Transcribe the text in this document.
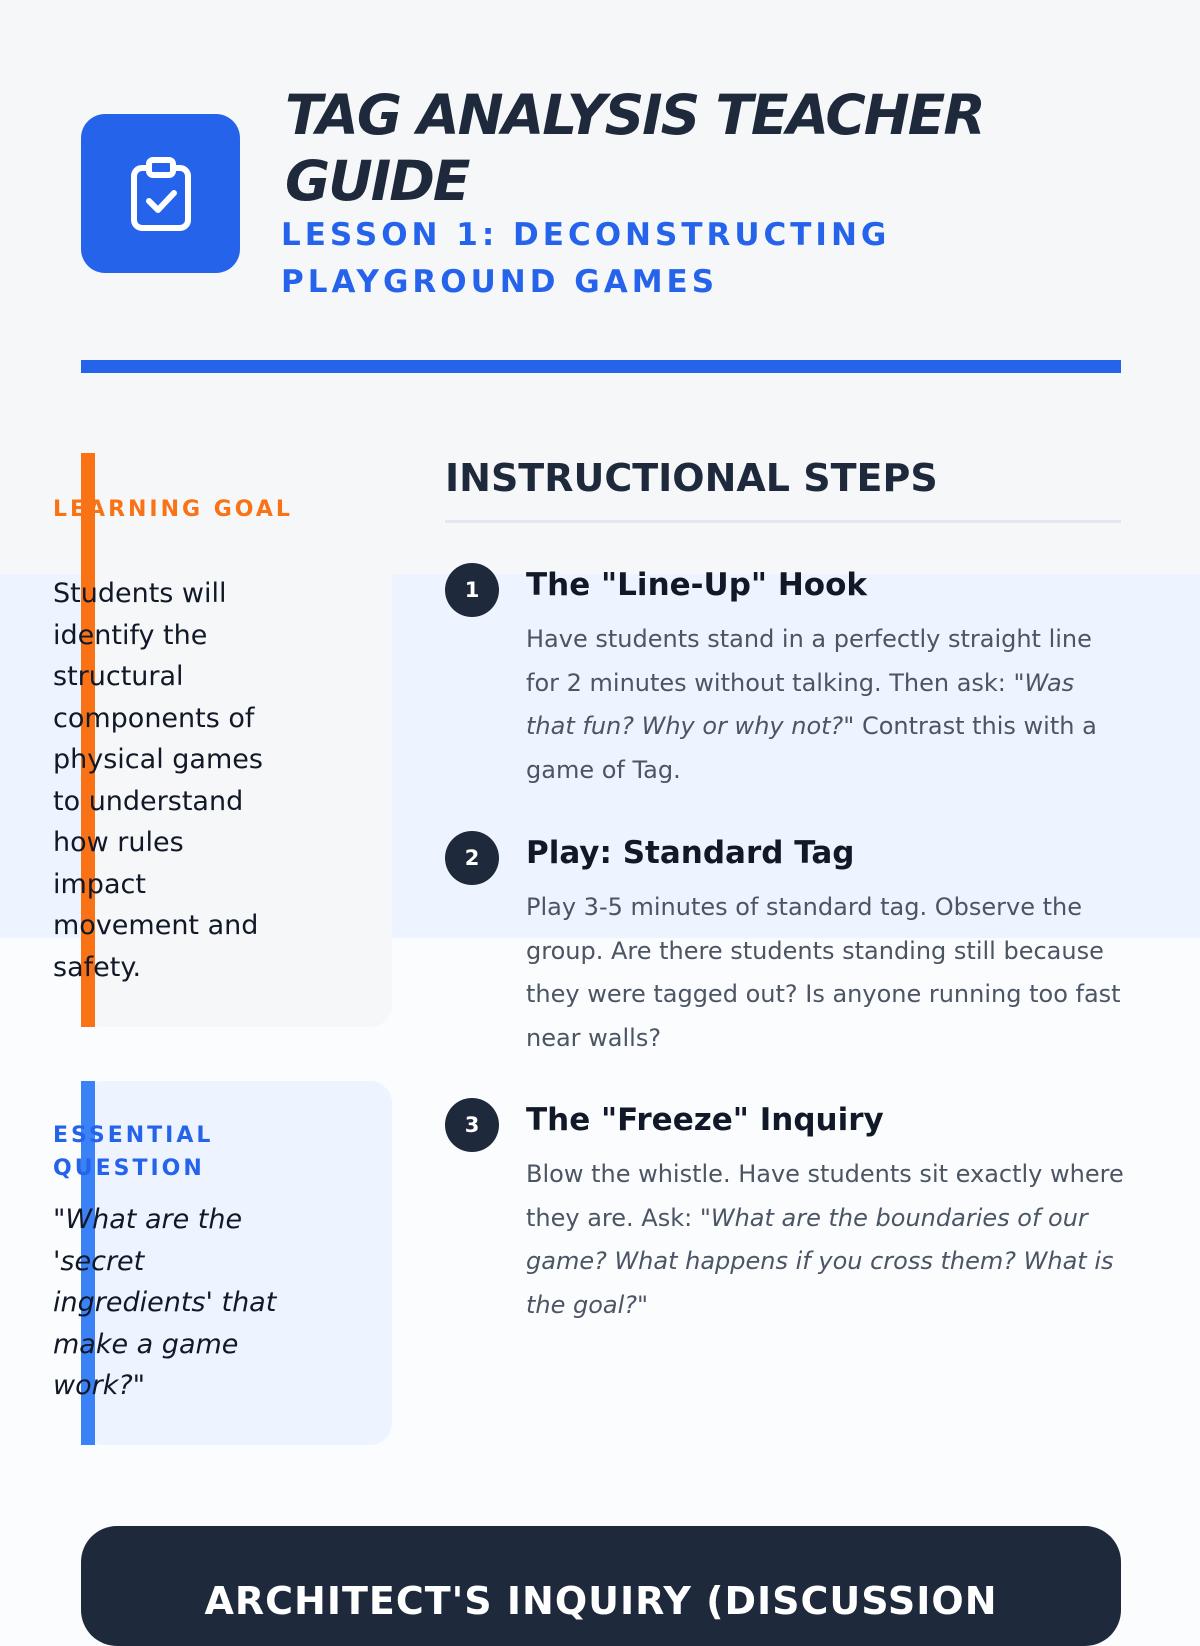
TAG ANALYSIS TEACHER GUIDE
LESSON 1: DECONSTRUCTING PLAYGROUND GAMES
LEARNING GOAL
Students will identify the structural components of physical games to understand how rules impact movement and safety.
ESSENTIAL QUESTION
"What are the 'secret ingredients' that make a game work?"
INSTRUCTIONAL STEPS
1	The "Line-Up" Hook

Have students stand in a perfectly straight line for 2 minutes without talking. Then ask: "Was that fun? Why or why not?" Contrast this with a game of Tag.

2	Play: Standard Tag

Play 3-5 minutes of standard tag. Observe the group. Are there students standing still because they were tagged out? Is anyone running too fast near walls?

3	The "Freeze" Inquiry

Blow the whistle. Have students sit exactly where they are. Ask: "What are the boundaries of our game? What happens if you cross them? What is the goal?"

ARCHITECT'S INQUIRY (DISCUSSION
